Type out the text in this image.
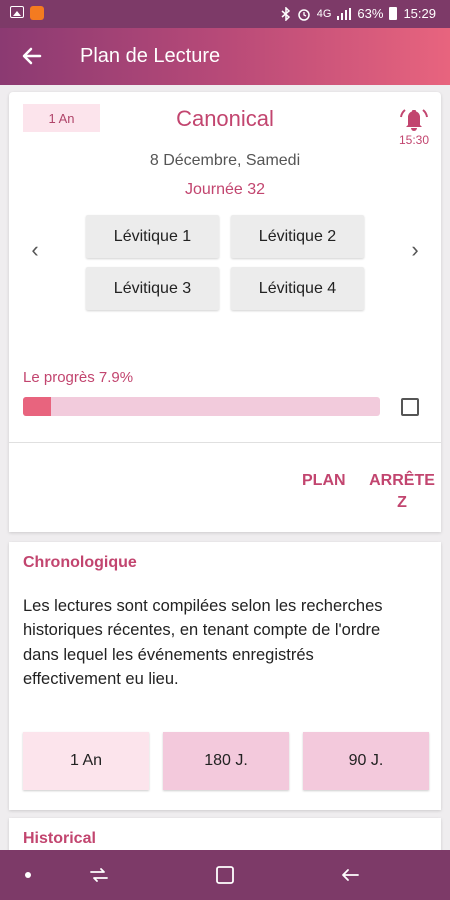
4G 63% 15:29
Plan de Lecture
1 An	Canonical
15:30
8 Décembre, Samedi
Journée 32
‹	›
Lévitique 1	Lévitique 2
Lévitique 3	Lévitique 4
Le progrès 7.9%
PLAN ARRÊTE
Z
Chronologique
Les lectures sont compilées selon les recherches historiques récentes, en tenant compte de l'ordre dans lequel les événements enregistrés effectivement eu lieu.
1 An	180 J.	90 J.
Historical
